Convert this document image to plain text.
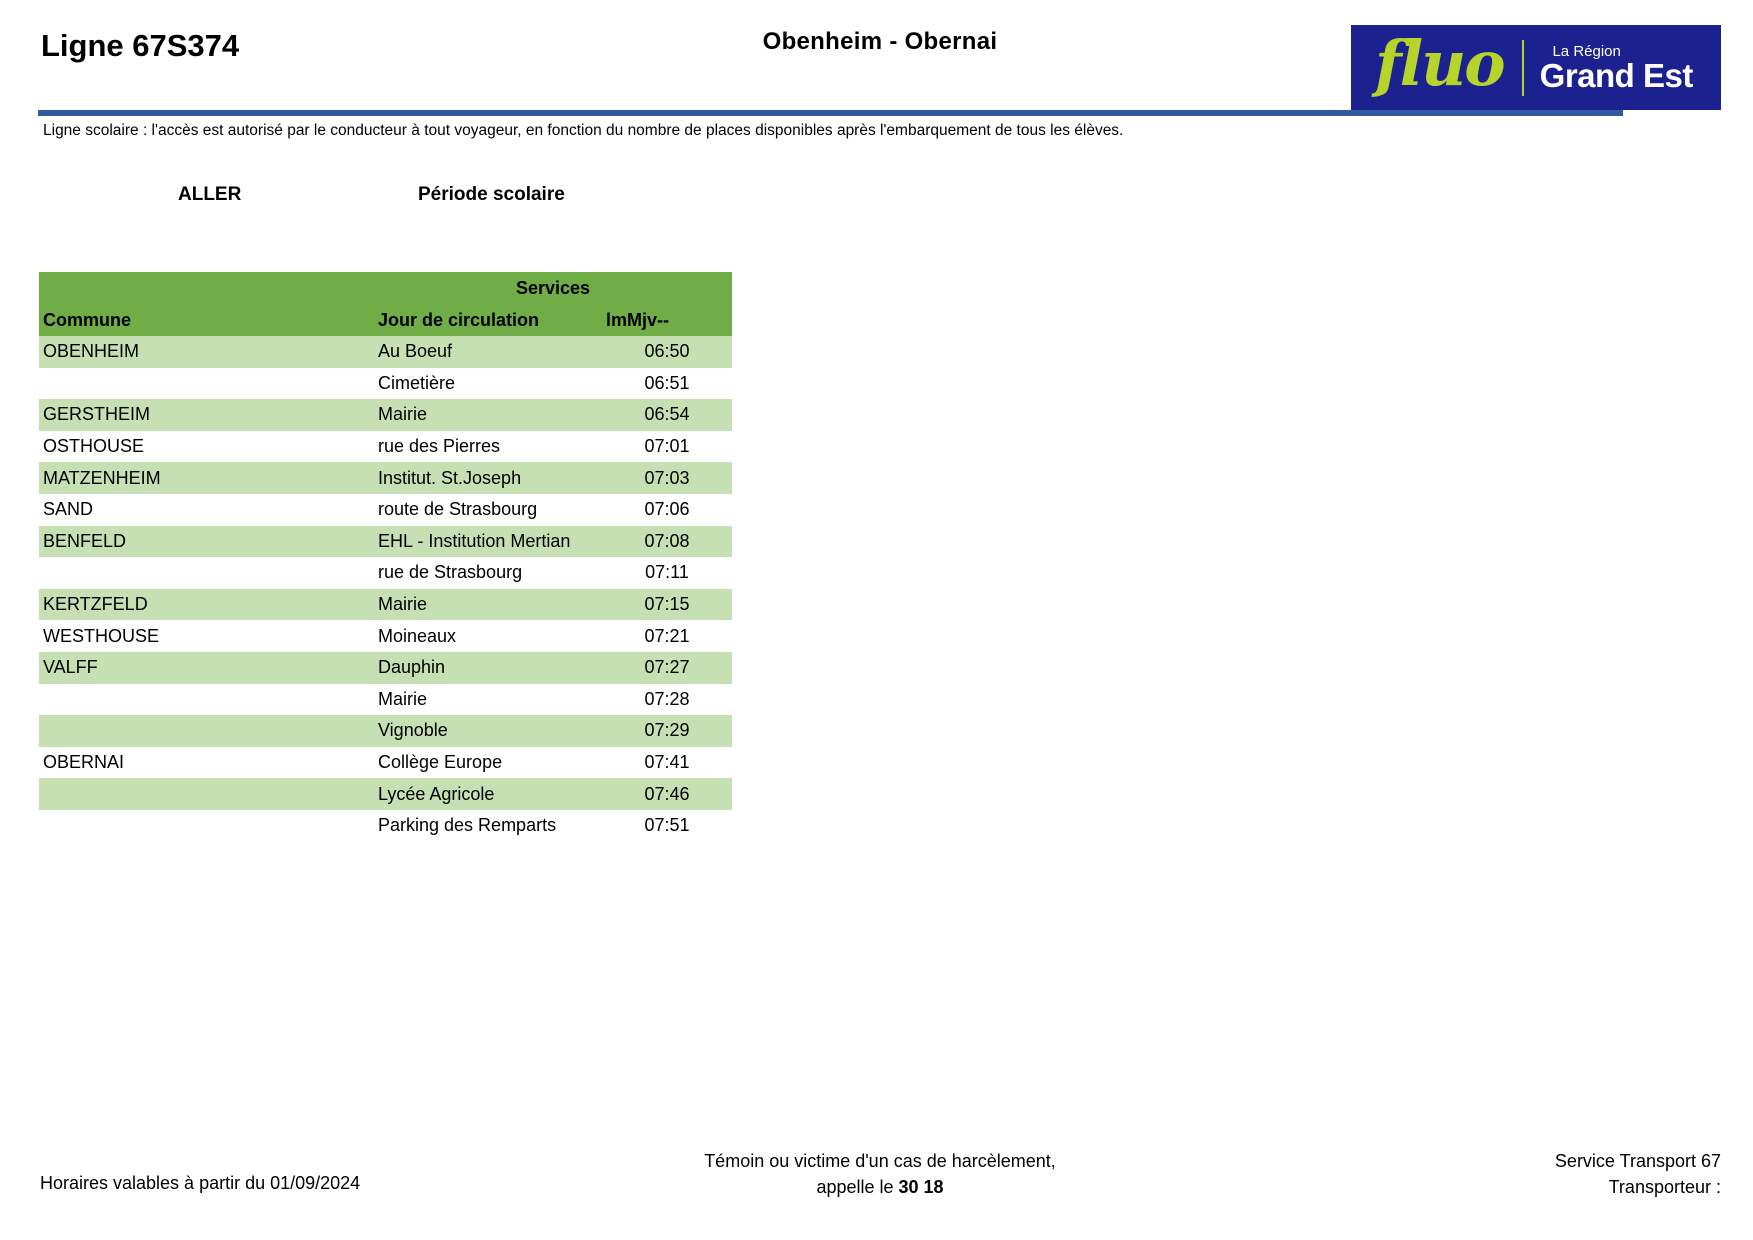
Ligne 67S374	Obenheim - Obernai	fluo	La Région
Grand Est
Ligne scolaire : l'accès est autorisé par le conducteur à tout voyageur, en fonction du nombre de places disponibles après l'embarquement de tous les élèves.
ALLER	Période scolaire
	Services	
Commune	Jour de circulation	lmMjv--
OBENHEIM	Au Boeuf	06:50
	Cimetière	06:51
GERSTHEIM	Mairie	06:54
OSTHOUSE	rue des Pierres	07:01
MATZENHEIM	Institut. St.Joseph	07:03
SAND	route de Strasbourg	07:06
BENFELD	EHL - Institution Mertian	07:08
	rue de Strasbourg	07:11
KERTZFELD	Mairie	07:15
WESTHOUSE	Moineaux	07:21
VALFF	Dauphin	07:27
	Mairie	07:28
	Vignoble	07:29
OBERNAI	Collège Europe	07:41
	Lycée Agricole	07:46
	Parking des Remparts	07:51
Horaires valables à partir du 01/09/2024
Témoin ou victime d'un cas de harcèlement,
appelle le 30 18
Service Transport 67
Transporteur :
